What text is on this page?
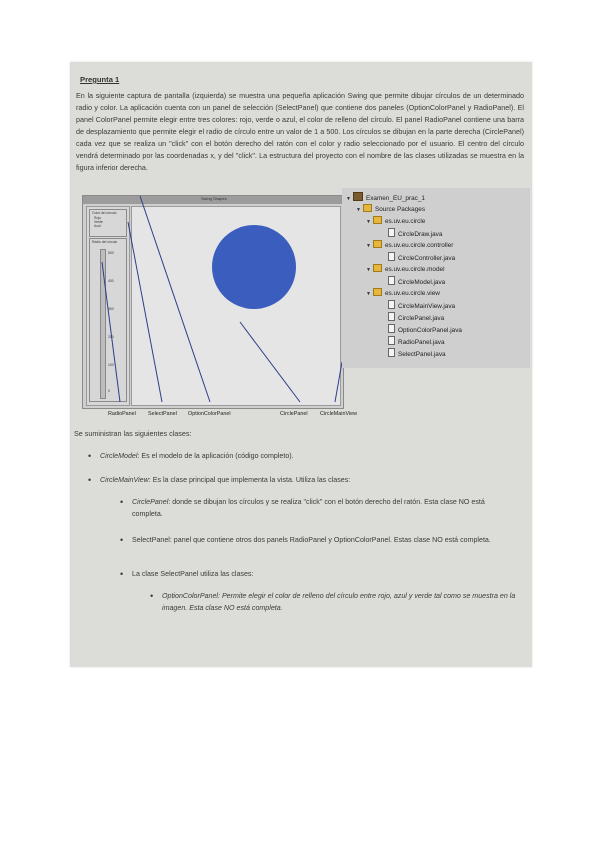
Pregunta 1
En la siguiente captura de pantalla (izquierda) se muestra una pequeña aplicación Swing que permite dibujar círculos de un determinado radio y color. La aplicación cuenta con un panel de selección (SelectPanel) que contiene dos paneles (OptionColorPanel y RadioPanel). El panel ColorPanel permite elegir entre tres colores: rojo, verde o azul, el color de relleno del círculo. El panel RadioPanel contiene una barra de desplazamiento que permite elegir el radio de círculo entre un valor de 1 a 500. Los círculos se dibujan en la parte derecha (CirclePanel) cada vez que se realiza un "click" con el botón derecho del ratón con el color y radio seleccionado por el usuario. El centro del círculo vendrá determinado por las coordenadas x, y del "click". La estructura del proyecto con el nombre de las clases utilizadas se muestra en la figura inferior derecha.
Swing Shapes
Color del círculo
Rojo
Verde
Azul
Radio del círculo
500
400
300
200
100
0
▼ Examen_EU_prac_1
▼ Source Packages
▼ es.uv.eu.circle
CircleDraw.java
▼ es.uv.eu.circle.controller
CircleController.java
▼ es.uv.eu.circle.model
CircleModel.java
▼ es.uv.eu.circle.view
CircleMainView.java
CirclePanel.java
OptionColorPanel.java
RadioPanel.java
SelectPanel.java
RadioPanel SelectPanel OptionColorPanel	CirclePanel CircleMainView
Se suministran las siguientes clases:
• CircleModel: Es el modelo de la aplicación (código completo).
• CircleMainView: Es la clase principal que implementa la vista. Utiliza las clases:
• CirclePanel: donde se dibujan los círculos y se realiza "click" con el botón derecho del ratón. Esta clase NO está completa.
• SelectPanel: panel que contiene otros dos panels RadioPanel y OptionColorPanel. Estas clase NO está completa.
• La clase SelectPanel utiliza las clases:
• OptionColorPanel: Permite elegir el color de relleno del círculo entre rojo, azul y verde tal como se muestra en la imagen. Esta clase NO está completa.
